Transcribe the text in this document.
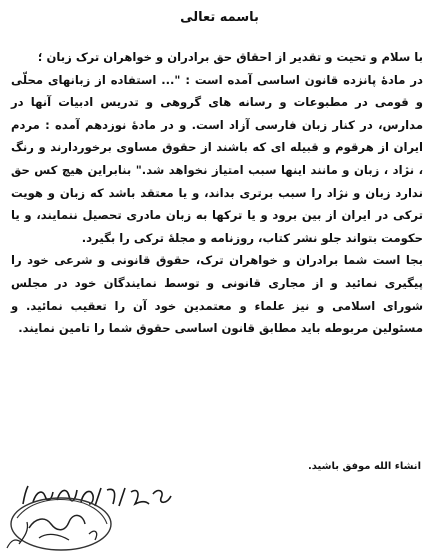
باسمه تعالی

با سلام و تحیت و تقدیر از احقاق حق برادران و خواهران ترک زبان ؛

در مادهٔ پانزده قانون اساسی آمده است : "... استفاده از زبانهای محلّی و قومی در مطبوعات و رسانه های گروهی و تدریس ادبیات آنها در مدارس، در کنار زبان فارسی آزاد است. و در مادهٔ نوزدهم آمده : مردم ایران از هرقوم و قبیله ای که باشند از حقوق مساوی برخوردارند و رنگ ، نژاد ، زبان و مانند اینها سبب امتیاز نخواهد شد." بنابراین هیچ کس حق ندارد زبان و نژاد را سبب برتری بداند، و یا معتقد باشد که زبان و هویت ترکی در ایران از بین برود و یا ترکها به زبان مادری تحصیل ننمایند، و یا حکومت بتواند جلو نشر کتاب، روزنامه و مجلهٔ ترکی را بگیرد.

بجا است شما برادران و خواهران ترک، حقوق قانونی و شرعی خود را پیگیری نمائید و از مجاری قانونی و توسط نمایندگان خود در مجلس شورای اسلامی و نیز علماء و معتمدین خود آن را تعقیب نمائید. و مسئولین مربوطه باید مطابق قانون اساسی حقوق شما را تامین نمایند.

انشاء الله موفق باشید.
